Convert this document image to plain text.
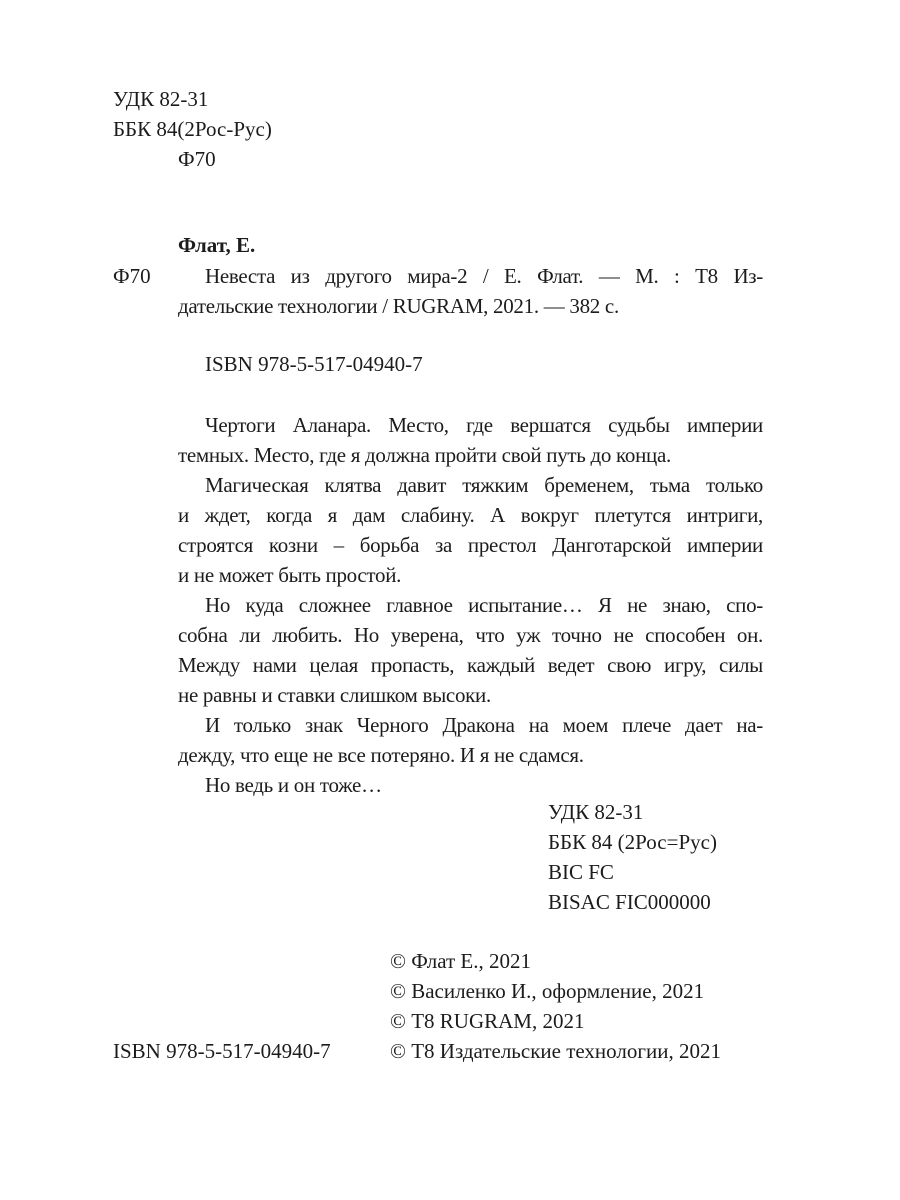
УДК 82-31
ББК 84(2Рос-Рус)
Ф70
Флат, Е.
Ф70	Невеста из другого мира-2 / Е. Флат. — М. : Т8 Из-
дательские технологии / RUGRAM, 2021. — 382 с.
ISBN 978-5-517-04940-7
Чертоги Аланара. Место, где вершатся судьбы империи
темных. Место, где я должна пройти свой путь до конца.
Магическая клятва давит тяжким бременем, тьма только
и ждет, когда я дам слабину. А вокруг плетутся интриги,
строятся козни – борьба за престол Данготарской империи
и не может быть простой.
Но куда сложнее главное испытание… Я не знаю, спо-
собна ли любить. Но уверена, что уж точно не способен он.
Между нами целая пропасть, каждый ведет свою игру, силы
не равны и ставки слишком высоки.
И только знак Черного Дракона на моем плече дает на-
дежду, что еще не все потеряно. И я не сдамся.
Но ведь и он тоже…
УДК 82-31
ББК 84 (2Рос=Рус)
BIC FC
BISAC FIC000000
© Флат Е., 2021
© Василенко И., оформление, 2021
© Т8 RUGRAM, 2021
© Т8 Издательские технологии, 2021
ISBN 978-5-517-04940-7
